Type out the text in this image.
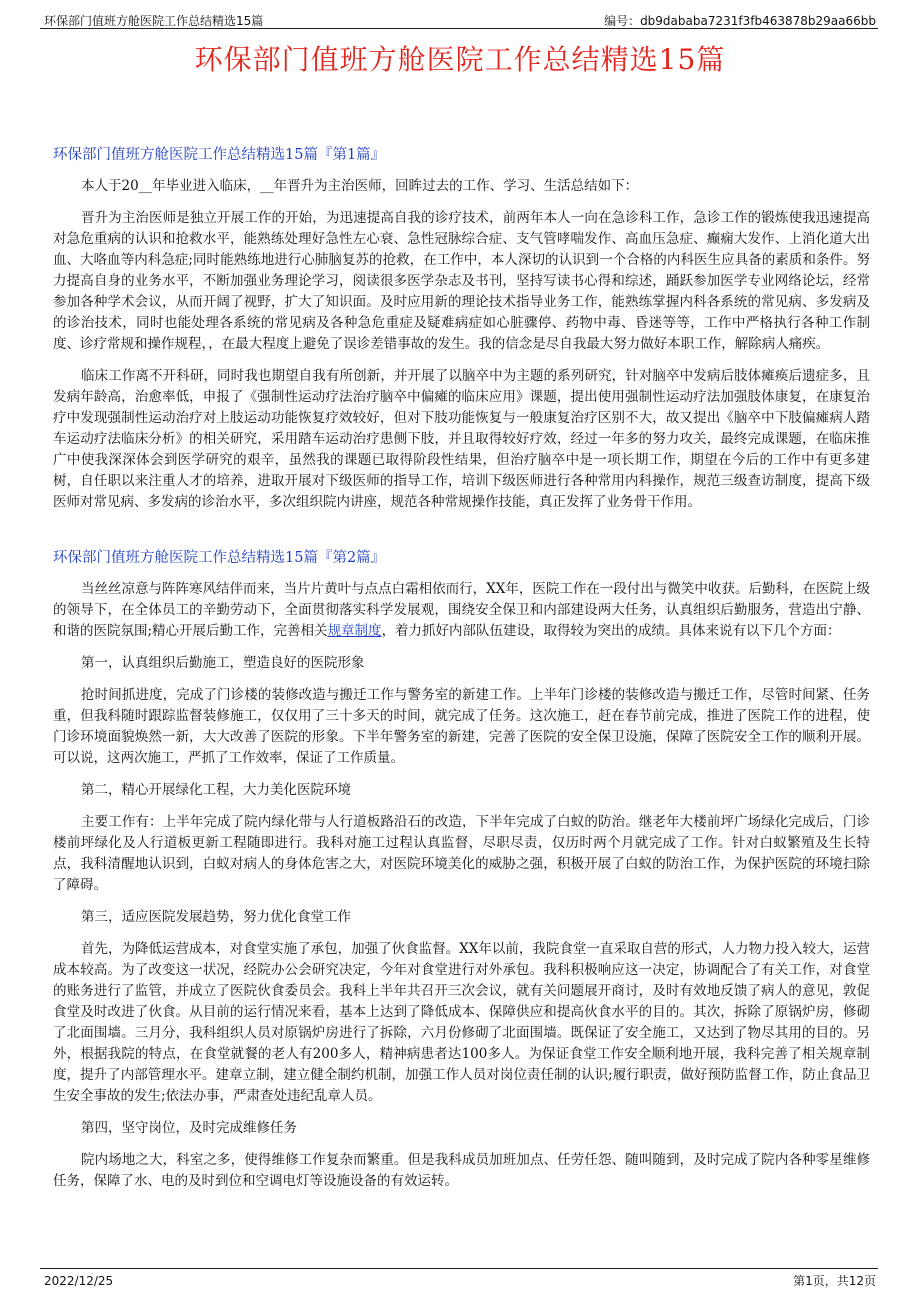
环保部门值班方舱医院工作总结精选15篇	编号：db9dababa7231f3fb463878b29aa66bb
环保部门值班方舱医院工作总结精选15篇
环保部门值班方舱医院工作总结精选15篇『第1篇』

本人于20__年毕业进入临床，__年晋升为主治医师，回眸过去的工作、学习、生活总结如下：

晋升为主治医师是独立开展工作的开始，为迅速提高自我的诊疗技术，前两年本人一向在急诊科工作，急诊工作的锻炼使我迅速提高对急危重病的认识和抢救水平，能熟练处理好急性左心衰、急性冠脉综合症、支气管哮喘发作、高血压急症、癫痫大发作、上消化道大出血、大咯血等内科急症;同时能熟练地进行心肺脑复苏的抢救，在工作中，本人深切的认识到一个合格的内科医生应具备的素质和条件。努力提高自身的业务水平，不断加强业务理论学习，阅读很多医学杂志及书刊，坚持写读书心得和综述，踊跃参加医学专业网络论坛，经常参加各种学术会议，从而开阔了视野，扩大了知识面。及时应用新的理论技术指导业务工作，能熟练掌握内科各系统的常见病、多发病及的诊治技术，同时也能处理各系统的常见病及各种急危重症及疑难病症如心脏骤停、药物中毒、昏迷等等，工作中严格执行各种工作制度、诊疗常规和操作规程，，在最大程度上避免了误诊差错事故的发生。我的信念是尽自我最大努力做好本职工作，解除病人痛疾。

临床工作离不开科研，同时我也期望自我有所创新，并开展了以脑卒中为主题的系列研究，针对脑卒中发病后肢体瘫痪后遗症多，且发病年龄高，治愈率低，申报了《强制性运动疗法治疗脑卒中偏瘫的临床应用》课题，提出使用强制性运动疗法加强肢体康复，在康复治疗中发现强制性运动治疗对上肢运动功能恢复疗效较好，但对下肢功能恢复与一般康复治疗区别不大，故又提出《脑卒中下肢偏瘫病人踏车运动疗法临床分析》的相关研究，采用踏车运动治疗患侧下肢，并且取得较好疗效，经过一年多的努力攻关，最终完成课题，在临床推广中使我深深体会到医学研究的艰辛，虽然我的课题已取得阶段性结果，但治疗脑卒中是一项长期工作，期望在今后的工作中有更多建树，自任职以来注重人才的培养，进取开展对下级医师的指导工作，培训下级医师进行各种常用内科操作，规范三级查访制度，提高下级医师对常见病、多发病的诊治水平，多次组织院内讲座，规范各种常规操作技能，真正发挥了业务骨干作用。

环保部门值班方舱医院工作总结精选15篇『第2篇』

当丝丝凉意与阵阵寒风结伴而来，当片片黄叶与点点白霜相依而行，XX年，医院工作在一段付出与微笑中收获。后勤科，在医院上级的领导下，在全体员工的辛勤劳动下，全面贯彻落实科学发展观，围绕安全保卫和内部建设两大任务，认真组织后勤服务，营造出宁静、和谐的医院氛围;精心开展后勤工作，完善相关规章制度，着力抓好内部队伍建设，取得较为突出的成绩。具体来说有以下几个方面：

第一，认真组织后勤施工，塑造良好的医院形象

抢时间抓进度，完成了门诊楼的装修改造与搬迁工作与警务室的新建工作。上半年门诊楼的装修改造与搬迁工作，尽管时间紧、任务重，但我科随时跟踪监督装修施工，仅仅用了三十多天的时间，就完成了任务。这次施工，赶在春节前完成，推进了医院工作的进程，使门诊环境面貌焕然一新，大大改善了医院的形象。下半年警务室的新建，完善了医院的安全保卫设施，保障了医院安全工作的顺利开展。可以说，这两次施工，严抓了工作效率，保证了工作质量。

第二，精心开展绿化工程，大力美化医院环境

主要工作有：上半年完成了院内绿化带与人行道板路沿石的改造，下半年完成了白蚁的防治。继老年大楼前坪广场绿化完成后，门诊楼前坪绿化及人行道板更新工程随即进行。我科对施工过程认真监督，尽职尽责，仅历时两个月就完成了工作。针对白蚁繁殖及生长特点，我科清醒地认识到，白蚁对病人的身体危害之大，对医院环境美化的威胁之强，积极开展了白蚁的防治工作，为保护医院的环境扫除了障碍。

第三，适应医院发展趋势，努力优化食堂工作

首先，为降低运营成本，对食堂实施了承包，加强了伙食监督。XX年以前，我院食堂一直采取自营的形式，人力物力投入较大，运营成本较高。为了改变这一状况，经院办公会研究决定，今年对食堂进行对外承包。我科积极响应这一决定，协调配合了有关工作，对食堂的账务进行了监管，并成立了医院伙食委员会。我科上半年共召开三次会议，就有关问题展开商讨，及时有效地反馈了病人的意见，敦促食堂及时改进了伙食。从目前的运行情况来看，基本上达到了降低成本、保障供应和提高伙食水平的目的。其次，拆除了原锅炉房，修砌了北面围墙。三月分，我科组织人员对原锅炉房进行了拆除，六月份修砌了北面围墙。既保证了安全施工，又达到了物尽其用的目的。另外，根据我院的特点，在食堂就餐的老人有200多人，精神病患者达100多人。为保证食堂工作安全顺利地开展，我科完善了相关规章制度，提升了内部管理水平。建章立制，建立健全制约机制，加强工作人员对岗位责任制的认识;履行职责，做好预防监督工作，防止食品卫生安全事故的发生;依法办事，严肃查处违纪乱章人员。

第四，坚守岗位，及时完成维修任务

院内场地之大，科室之多，使得维修工作复杂而繁重。但是我科成员加班加点、任劳任怨、随叫随到，及时完成了院内各种零星维修任务，保障了水、电的及时到位和空调电灯等设施设备的有效运转。

2022/12/25	第1页，共12页
